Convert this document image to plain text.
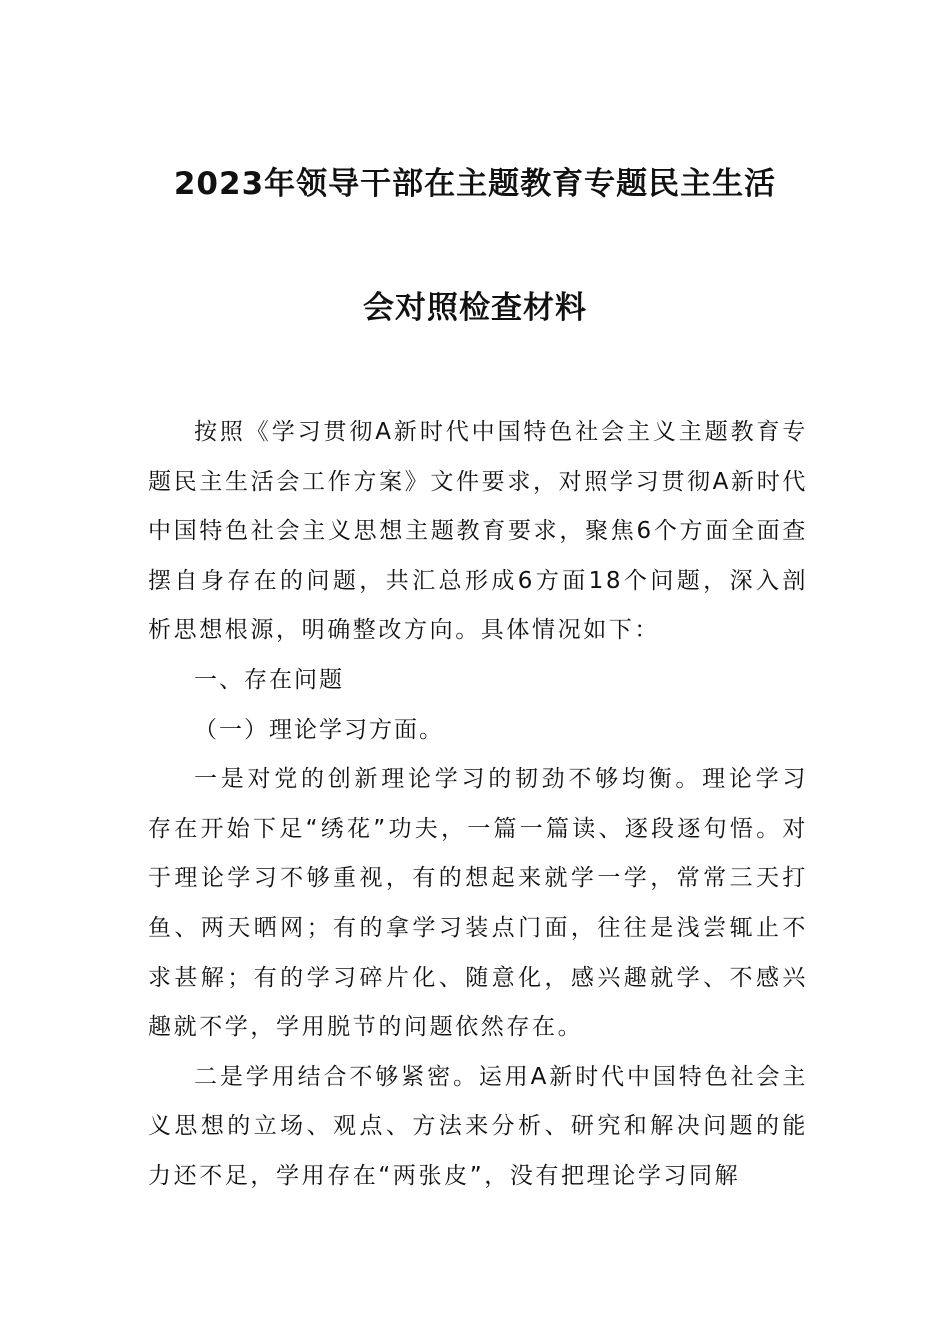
2023年领导干部在主题教育专题民主生活
会对照检查材料

按照《学习贯彻A新时代中国特色社会主义主题教育专题民主生活会工作方案》文件要求，对照学习贯彻A新时代中国特色社会主义思想主题教育要求，聚焦6个方面全面查摆自身存在的问题，共汇总形成6方面18个问题，深入剖析思想根源，明确整改方向。具体情况如下：

一、存在问题

（一）理论学习方面。

一是对党的创新理论学习的韧劲不够均衡。理论学习存在开始下足“绣花”功夫，一篇一篇读、逐段逐句悟。对于理论学习不够重视，有的想起来就学一学，常常三天打鱼、两天晒网；有的拿学习装点门面，往往是浅尝辄止不求甚解；有的学习碎片化、随意化，感兴趣就学、不感兴趣就不学，学用脱节的问题依然存在。

二是学用结合不够紧密。运用A新时代中国特色社会主义思想的立场、观点、方法来分析、研究和解决问题的能力还不足，学用存在“两张皮”，没有把理论学习同解
